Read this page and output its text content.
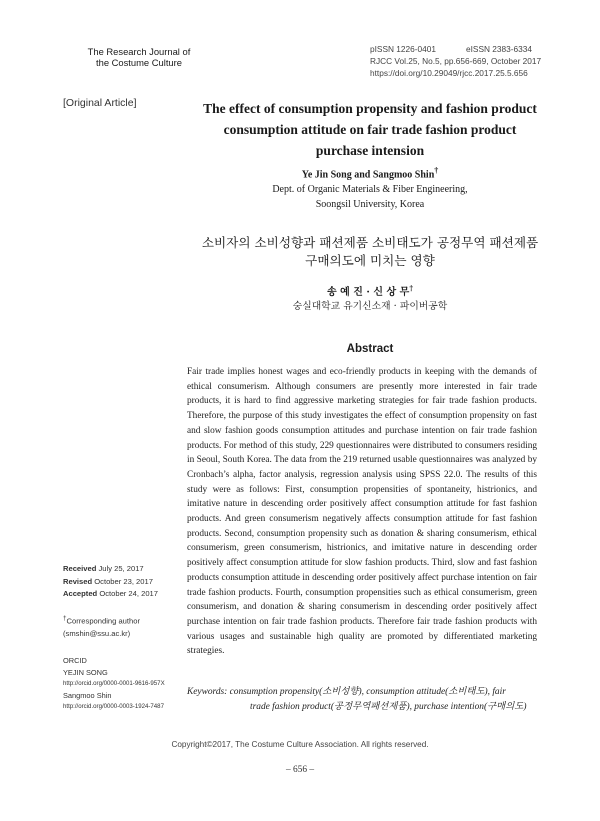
The Research Journal of
the Costume Culture
pISSN 1226-0401	eISSN 2383-6334
RJCC Vol.25, No.5, pp.656-669, October 2017
https://doi.org/10.29049/rjcc.2017.25.5.656
[Original Article]	The effect of consumption propensity and fashion product
consumption attitude on fair trade fashion product
purchase intension
Ye Jin Song and Sangmoo Shin†
Dept. of Organic Materials & Fiber Engineering,
Soongsil University, Korea
소비자의 소비성향과 패션제품 소비태도가 공정무역 패션제품
구매의도에 미치는 영향
송 예 진 · 신 상 무†
숭실대학교 유기신소재 · 파이버공학
Abstract
Fair trade implies honest wages and eco-friendly products in keeping with the demands of ethical consumerism. Although consumers are presently more interested in fair trade products, it is hard to find aggressive marketing strategies for fair trade fashion products. Therefore, the purpose of this study investigates the effect of consumption propensity on fast and slow fashion goods consumption attitudes and purchase intention on fair trade fashion products. For method of this study, 229 questionnaires were distributed to consumers residing in Seoul, South Korea. The data from the 219 returned usable questionnaires was analyzed by Cronbach’s alpha, factor analysis, regression analysis using SPSS 22.0. The results of this study were as follows: First, consumption propensities of spontaneity, histrionics, and imitative nature in descending order positively affect consumption attitude for fast fashion products. And green consumerism negatively affects consumption attitude for fast fashion products. Second, consumption propensity such as donation & sharing consumerism, ethical consumerism, green consumerism, histrionics, and imitative nature in descending order positively affect consumption attitude for slow fashion products. Third, slow and fast fashion products consumption attitude in descending order positively affect purchase intention on fair trade fashion products. Fourth, consumption propensities such as ethical consumerism, green consumerism, and donation & sharing consumerism in descending order positively affect purchase intention on fair trade fashion products. Therefore fair trade fashion products with various usages and sustainable high quality are promoted by differentiated marketing strategies.
Keywords: consumption propensity(소비성향), consumption attitude(소비태도), fair
trade fashion product(공정무역패션제품), purchase intention(구매의도)
Received July 25, 2017
Revised October 23, 2017
Accepted October 24, 2017
†Corresponding author
(smshin@ssu.ac.kr)
ORCID
YEJIN SONG
http://orcid.org/0000-0001-9616-957X
Sangmoo Shin
http://orcid.org/0000-0003-1924-7487
Copyright©2017, The Costume Culture Association. All rights reserved.
– 656 –
